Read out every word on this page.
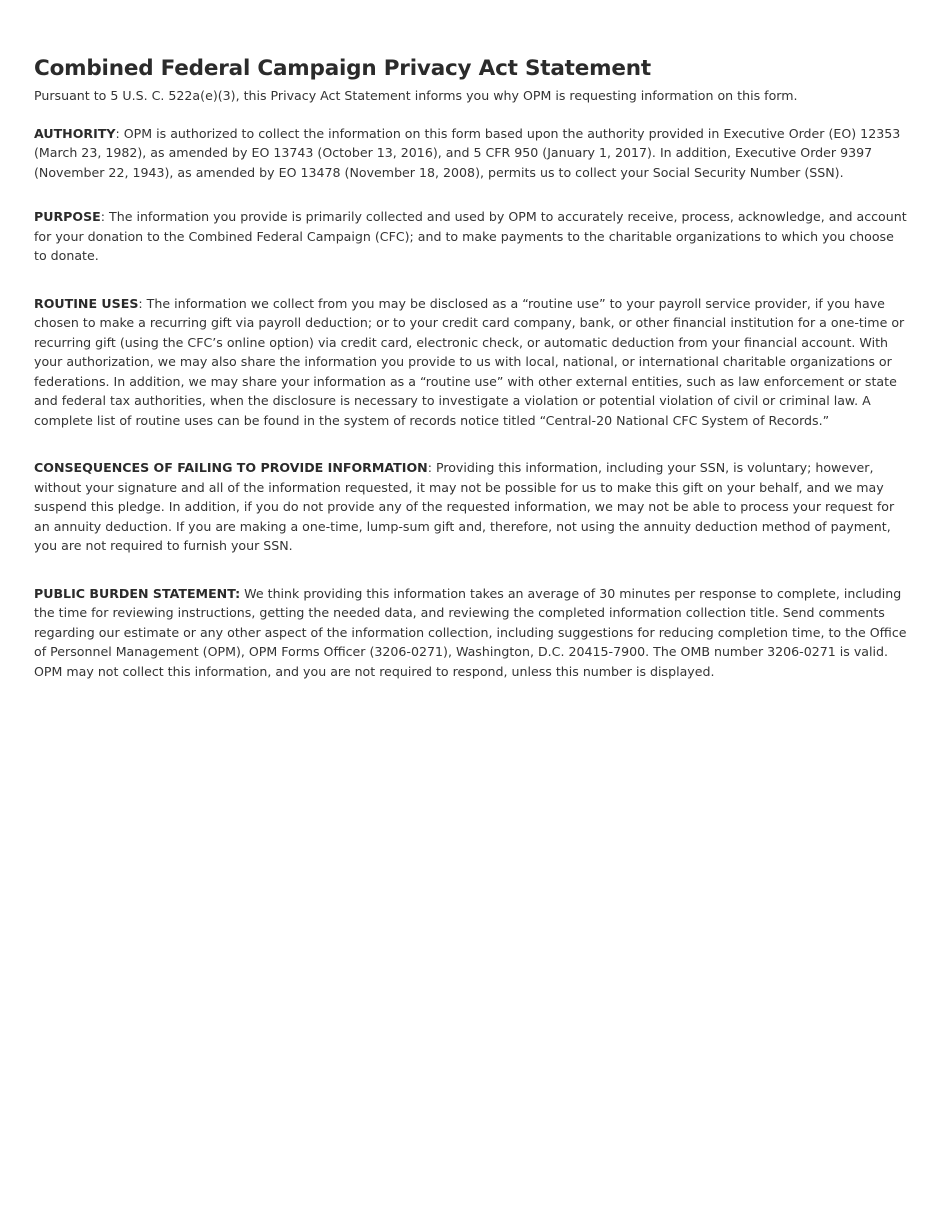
Combined Federal Campaign Privacy Act Statement

Pursuant to 5 U.S. C. 522a(e)(3), this Privacy Act Statement informs you why OPM is requesting information on this form.

AUTHORITY: OPM is authorized to collect the information on this form based upon the authority provided in Executive Order (EO) 12353 (March 23, 1982), as amended by EO 13743 (October 13, 2016), and 5 CFR 950 (January 1, 2017). In addition, Executive Order 9397 (November 22, 1943), as amended by EO 13478 (November 18, 2008), permits us to collect your Social Security Number (SSN).

PURPOSE: The information you provide is primarily collected and used by OPM to accurately receive, process, acknowledge, and account for your donation to the Combined Federal Campaign (CFC); and to make payments to the charitable organizations to which you choose to donate.

ROUTINE USES: The information we collect from you may be disclosed as a “routine use” to your payroll service provider, if you have chosen to make a recurring gift via payroll deduction; or to your credit card company, bank, or other financial institution for a one-time or recurring gift (using the CFC’s online option) via credit card, electronic check, or automatic deduction from your financial account. With your authorization, we may also share the information you provide to us with local, national, or international charitable organizations or federations. In addition, we may share your information as a “routine use” with other external entities, such as law enforcement or state and federal tax authorities, when the disclosure is necessary to investigate a violation or potential violation of civil or criminal law. A complete list of routine uses can be found in the system of records notice titled “Central-20 National CFC System of Records.”

CONSEQUENCES OF FAILING TO PROVIDE INFORMATION: Providing this information, including your SSN, is voluntary; however, without your signature and all of the information requested, it may not be possible for us to make this gift on your behalf, and we may suspend this pledge. In addition, if you do not provide any of the requested information, we may not be able to process your request for an annuity deduction. If you are making a one-time, lump-sum gift and, therefore, not using the annuity deduction method of payment, you are not required to furnish your SSN.

PUBLIC BURDEN STATEMENT: We think providing this information takes an average of 30 minutes per response to complete, including the time for reviewing instructions, getting the needed data, and reviewing the completed information collection title. Send comments regarding our estimate or any other aspect of the information collection, including suggestions for reducing completion time, to the Office of Personnel Management (OPM), OPM Forms Officer (3206-0271), Washington, D.C. 20415-7900. The OMB number 3206-0271 is valid. OPM may not collect this information, and you are not required to respond, unless this number is displayed.
